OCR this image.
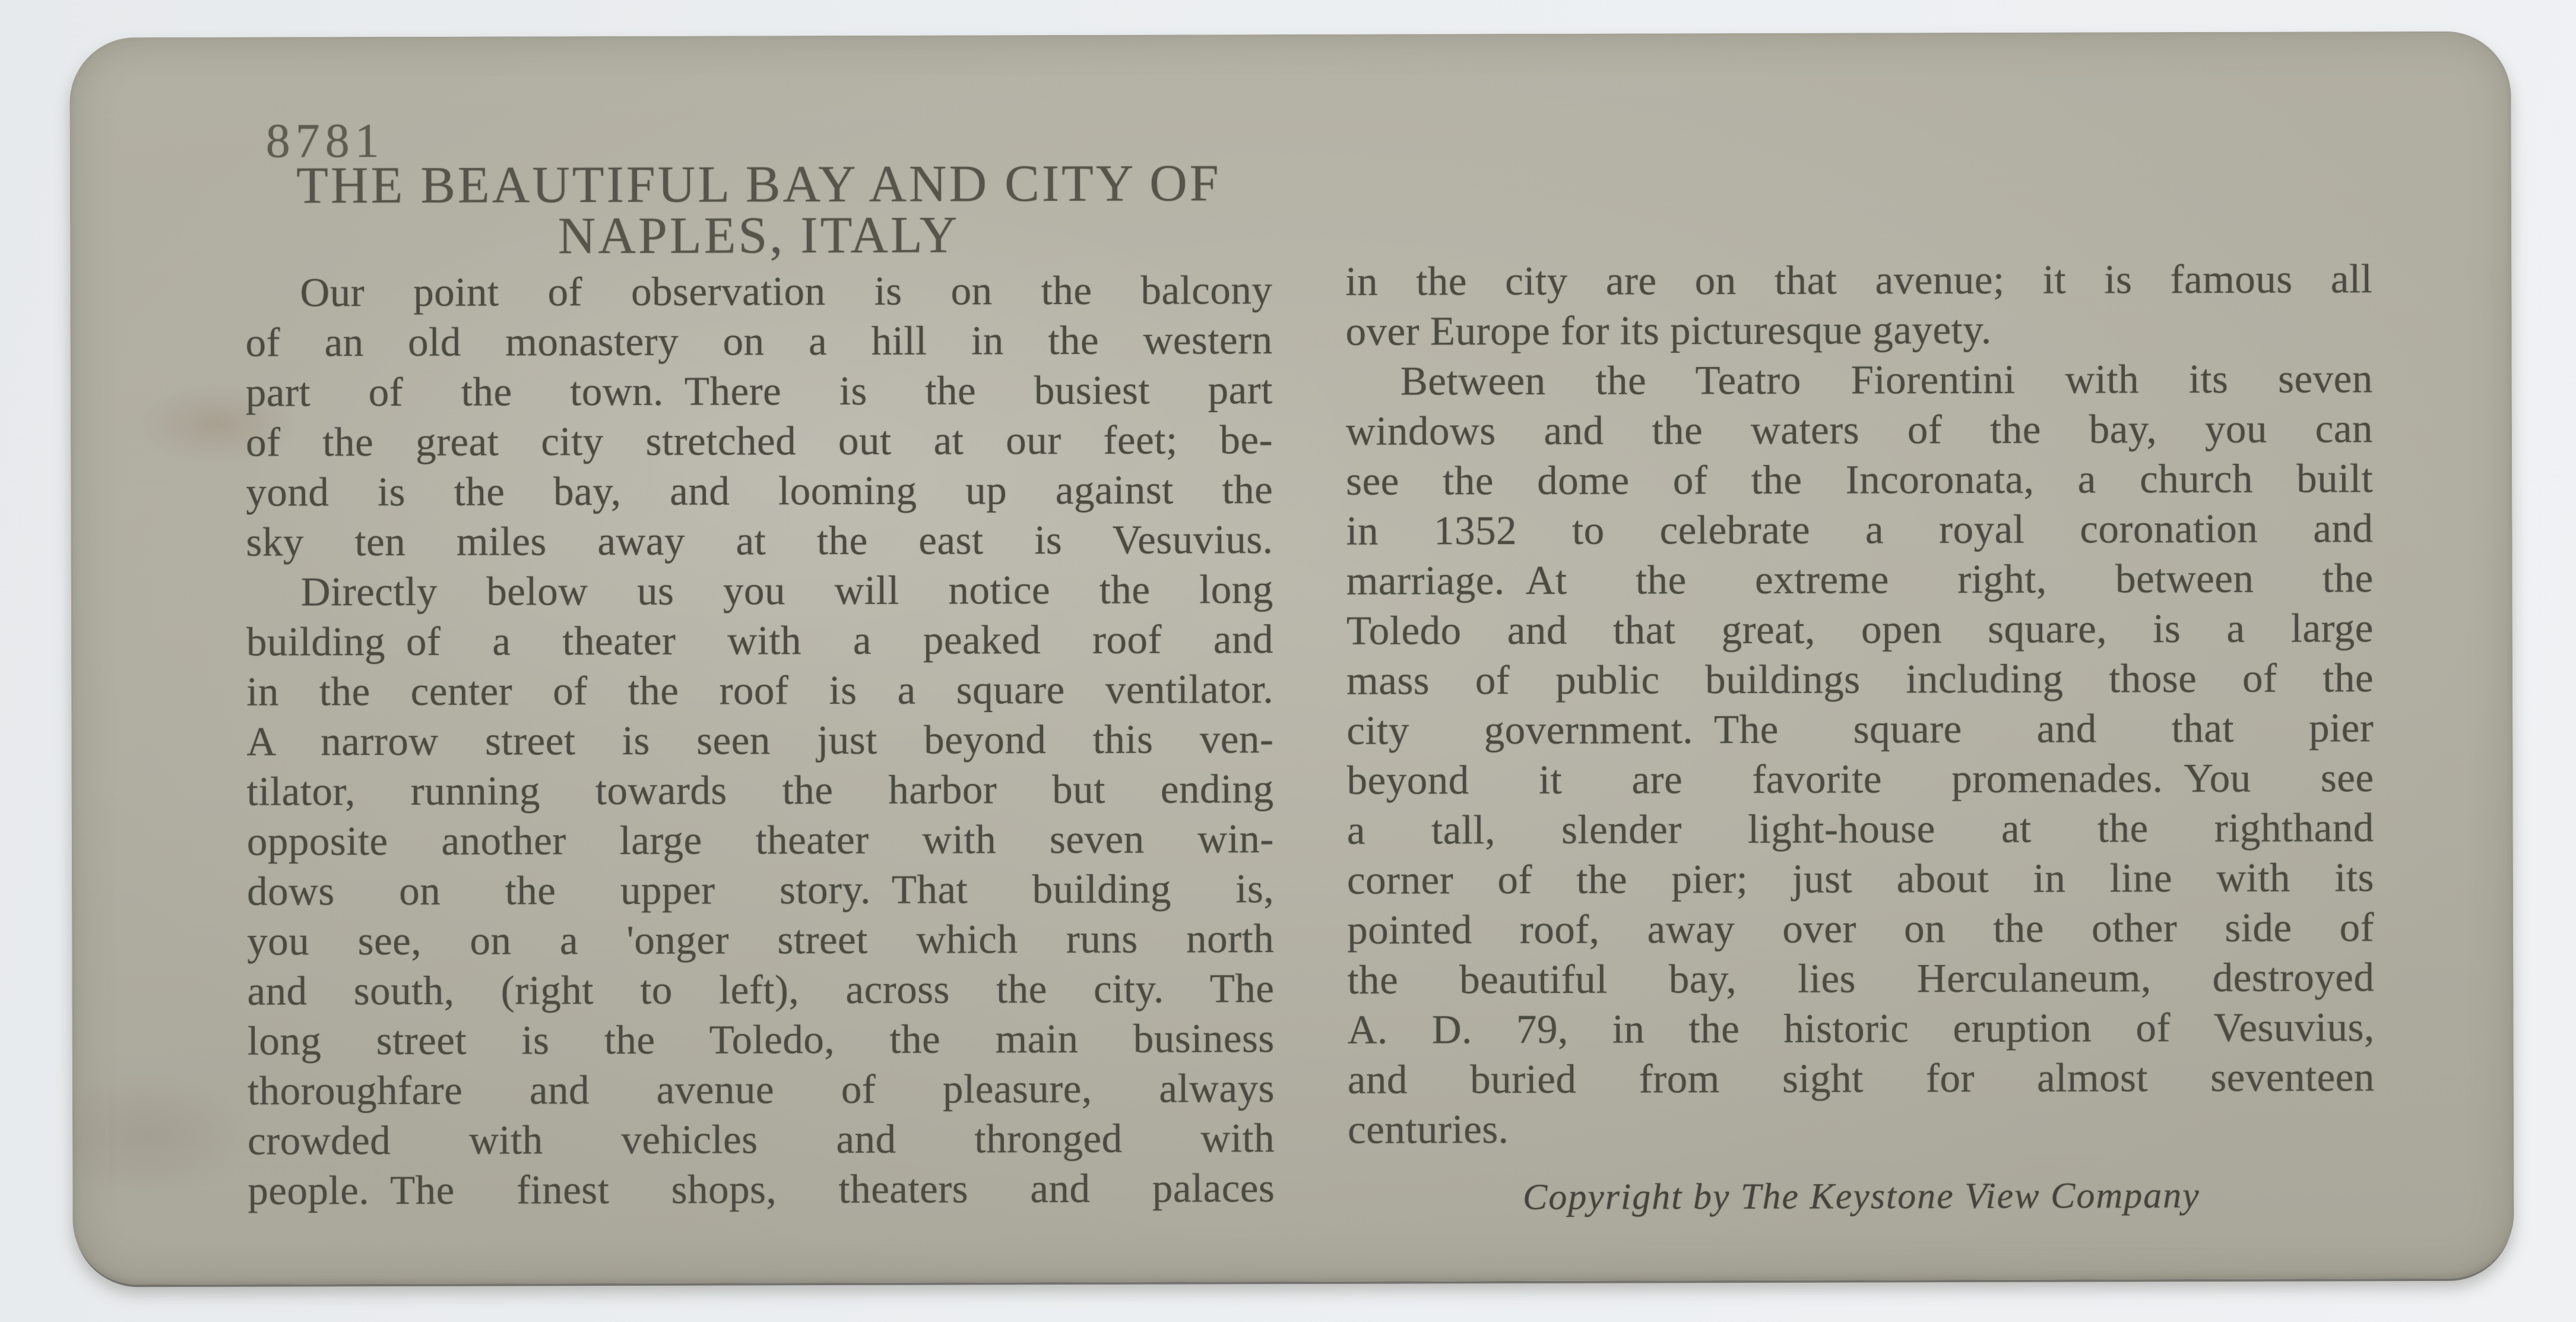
8781
THE BEAUTIFUL BAY AND CITY OF
NAPLES, ITALY
Our point of observation is on the balcony
of an old monastery on a hill in the western
part of the town. There is the busiest part
of the great city stretched out at our feet; be-
yond is the bay, and looming up against the
sky ten miles away at the east is Vesuvius.
Directly below us you will notice the long
building of a theater with a peaked roof and
in the center of the roof is a square ventilator.
A narrow street is seen just beyond this ven-
tilator, running towards the harbor but ending
opposite another large theater with seven win-
dows on the upper story. That building is,
you see, on a 'onger street which runs north
and south, (right to left), across the city. The
long street is the Toledo, the main business
thoroughfare and avenue of pleasure, always
crowded with vehicles and thronged with
people. The finest shops, theaters and palaces
in the city are on that avenue; it is famous all
over Europe for its picturesque gayety.
Between the Teatro Fiorentini with its seven
windows and the waters of the bay, you can
see the dome of the Incoronata, a church built
in 1352 to celebrate a royal coronation and
marriage. At the extreme right, between the
Toledo and that great, open square, is a large
mass of public buildings including those of the
city government. The square and that pier
beyond it are favorite promenades. You see
a tall, slender light-house at the righthand
corner of the pier; just about in line with its
pointed roof, away over on the other side of
the beautiful bay, lies Herculaneum, destroyed
A. D. 79, in the historic eruption of Vesuvius,
and buried from sight for almost seventeen
centuries.
Copyright by The Keystone View Company
